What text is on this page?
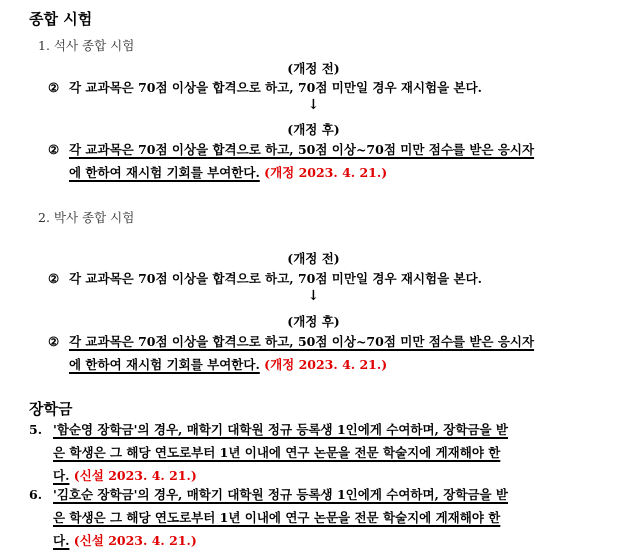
종합 시험
1. 석사 종합 시험
(개정 전)
② 각 교과목은 70점 이상을 합격으로 하고, 70점 미만일 경우 재시험을 본다.
↓
(개정 후)
② 각 교과목은 70점 이상을 합격으로 하고, 50점 이상~70점 미만 점수를 받은 응시자
에 한하여 재시험 기회를 부여한다. (개정 2023. 4. 21.)
2. 박사 종합 시험
(개정 전)
② 각 교과목은 70점 이상을 합격으로 하고, 70점 미만일 경우 재시험을 본다.
↓
(개정 후)
② 각 교과목은 70점 이상을 합격으로 하고, 50점 이상~70점 미만 점수를 받은 응시자
에 한하여 재시험 기회를 부여한다. (개정 2023. 4. 21.)
장학금
5. '함순영 장학금'의 경우, 매학기 대학원 정규 등록생 1인에게 수여하며, 장학금을 받
은 학생은 그 해당 연도로부터 1년 이내에 연구 논문을 전문 학술지에 게재해야 한
다. (신설 2023. 4. 21.)
6. '김호순 장학금'의 경우, 매학기 대학원 정규 등록생 1인에게 수여하며, 장학금을 받
은 학생은 그 해당 연도로부터 1년 이내에 연구 논문을 전문 학술지에 게재해야 한
다. (신설 2023. 4. 21.)
